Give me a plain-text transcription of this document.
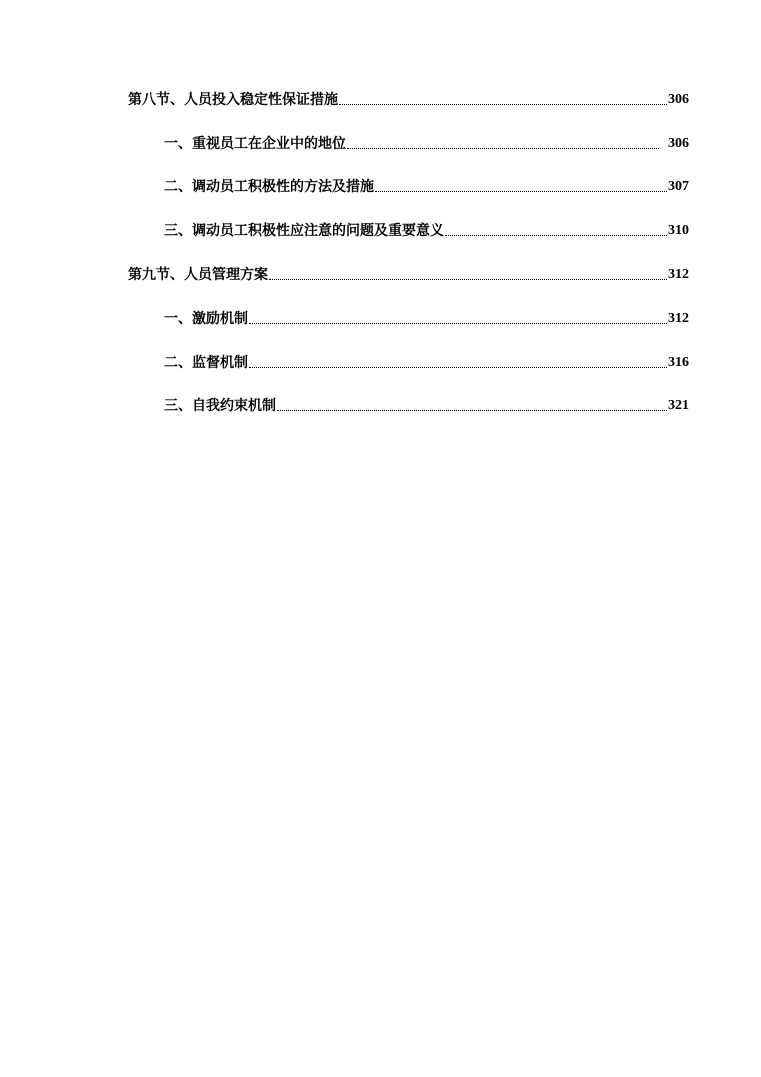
第八节、人员投入稳定性保证措施	306
一、重视员工在企业中的地位	306
二、调动员工积极性的方法及措施	307
三、调动员工积极性应注意的问题及重要意义	310
第九节、人员管理方案	312
一、激励机制	312
二、监督机制	316
三、自我约束机制	321
